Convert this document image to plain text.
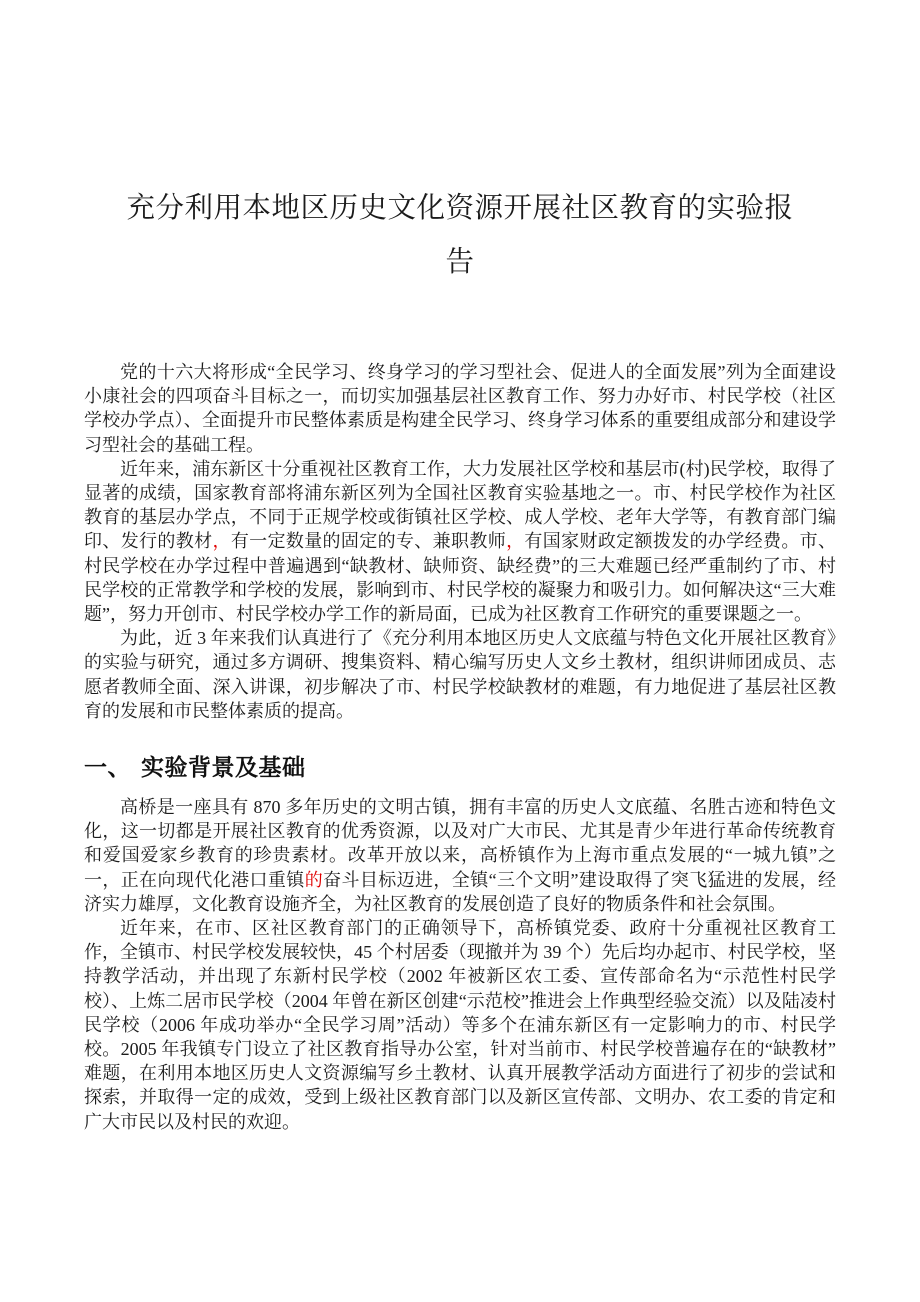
充分利用本地区历史文化资源开展社区教育的实验报
告

党的十六大将形成“全民学习、终身学习的学习型社会、促进人的全面发展”列为全面建设小康社会的四项奋斗目标之一，而切实加强基层社区教育工作、努力办好市、村民学校（社区学校办学点）、全面提升市民整体素质是构建全民学习、终身学习体系的重要组成部分和建设学习型社会的基础工程。

近年来，浦东新区十分重视社区教育工作，大力发展社区学校和基层市(村)民学校，取得了显著的成绩，国家教育部将浦东新区列为全国社区教育实验基地之一。市、村民学校作为社区教育的基层办学点，不同于正规学校或街镇社区学校、成人学校、老年大学等，有教育部门编印、发行的教材，有一定数量的固定的专、兼职教师，有国家财政定额拨发的办学经费。市、村民学校在办学过程中普遍遇到“缺教材、缺师资、缺经费”的三大难题已经严重制约了市、村民学校的正常教学和学校的发展，影响到市、村民学校的凝聚力和吸引力。如何解决这“三大难题”，努力开创市、村民学校办学工作的新局面，已成为社区教育工作研究的重要课题之一。

为此，近 3 年来我们认真进行了《充分利用本地区历史人文底蕴与特色文化开展社区教育》的实验与研究，通过多方调研、搜集资料、精心编写历史人文乡土教材，组织讲师团成员、志愿者教师全面、深入讲课，初步解决了市、村民学校缺教材的难题，有力地促进了基层社区教育的发展和市民整体素质的提高。

一、 实验背景及基础

高桥是一座具有 870 多年历史的文明古镇，拥有丰富的历史人文底蕴、名胜古迹和特色文化，这一切都是开展社区教育的优秀资源，以及对广大市民、尤其是青少年进行革命传统教育和爱国爱家乡教育的珍贵素材。改革开放以来，高桥镇作为上海市重点发展的“一城九镇”之一，正在向现代化港口重镇的奋斗目标迈进，全镇“三个文明”建设取得了突飞猛进的发展，经济实力雄厚，文化教育设施齐全，为社区教育的发展创造了良好的物质条件和社会氛围。

近年来，在市、区社区教育部门的正确领导下，高桥镇党委、政府十分重视社区教育工作，全镇市、村民学校发展较快，45 个村居委（现撤并为 39 个）先后均办起市、村民学校，坚持教学活动，并出现了东新村民学校（2002 年被新区农工委、宣传部命名为“示范性村民学校）、上炼二居市民学校（2004 年曾在新区创建“示范校”推进会上作典型经验交流）以及陆凌村民学校（2006 年成功举办“全民学习周”活动）等多个在浦东新区有一定影响力的市、村民学校。2005 年我镇专门设立了社区教育指导办公室，针对当前市、村民学校普遍存在的“缺教材”难题，在利用本地区历史人文资源编写乡土教材、认真开展教学活动方面进行了初步的尝试和探索，并取得一定的成效，受到上级社区教育部门以及新区宣传部、文明办、农工委的肯定和广大市民以及村民的欢迎。
